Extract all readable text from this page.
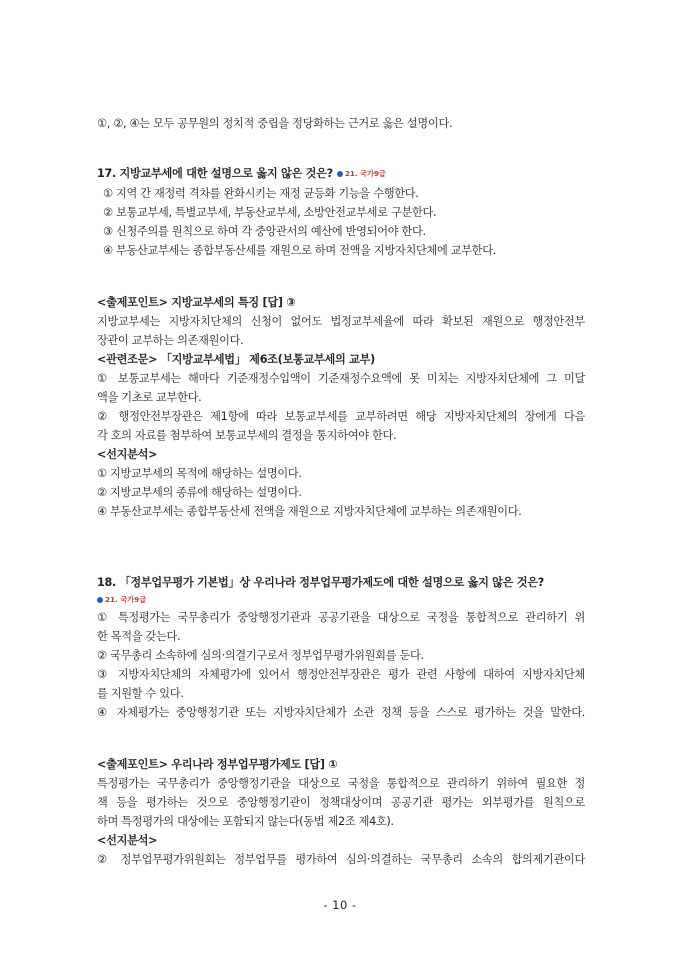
①, ②, ④는 모두 공무원의 정치적 중립을 정당화하는 근거로 옳은 설명이다.
17. 지방교부세에 대한 설명으로 옳지 않은 것은? 21. 국가9급
① 지역 간 재정력 격차를 완화시키는 재정 균등화 기능을 수행한다.
② 보통교부세, 특별교부세, 부동산교부세, 소방안전교부세로 구분한다.
③ 신청주의를 원칙으로 하며 각 중앙관서의 예산에 반영되어야 한다.
④ 부동산교부세는 종합부동산세를 재원으로 하며 전액을 지방자치단체에 교부한다.
<출제포인트> 지방교부세의 특징 [답] ③
지방교부세는 지방자치단체의 신청이 없어도 법정교부세율에 따라 확보된 재원으로 행정안전부
장관이 교부하는 의존재원이다.
<관련조문> 「지방교부세법」 제6조(보통교부세의 교부)
① 보통교부세는 해마다 기준재정수입액이 기준재정수요액에 못 미치는 지방자치단체에 그 미달
액을 기초로 교부한다.
② 행정안전부장관은 제1항에 따라 보통교부세를 교부하려면 해당 지방자치단체의 장에게 다음
각 호의 자료를 첨부하여 보통교부세의 결정을 통지하여야 한다.
<선지분석>
① 지방교부세의 목적에 해당하는 설명이다.
② 지방교부세의 종류에 해당하는 설명이다.
④ 부동산교부세는 종합부동산세 전액을 재원으로 지방자치단체에 교부하는 의존재원이다.
18. 「정부업무평가 기본법」상 우리나라 정부업무평가제도에 대한 설명으로 옳지 않은 것은?
21. 국가9급
① 특정평가는 국무총리가 중앙행정기관과 공공기관을 대상으로 국정을 통합적으로 관리하기 위
한 목적을 갖는다.
② 국무총리 소속하에 심의·의결기구로서 정부업무평가위원회를 둔다.
③ 지방자치단체의 자체평가에 있어서 행정안전부장관은 평가 관련 사항에 대하여 지방자치단체
를 지원할 수 있다.
④ 자체평가는 중앙행정기관 또는 지방자치단체가 소관 정책 등을 스스로 평가하는 것을 말한다.
<출제포인트> 우리나라 정부업무평가제도 [답] ①
특정평가는 국무총리가 중앙행정기관을 대상으로 국정을 통합적으로 관리하기 위하여 필요한 정
책 등을 평가하는 것으로 중앙행정기관이 정책대상이며 공공기관 평가는 외부평가를 원칙으로
하며 특정평가의 대상에는 포함되지 않는다(동법 제2조 제4호).
<선지분석>
② 정부업무평가위원회는 정부업무를 평가하여 심의·의결하는 국무총리 소속의 합의제기관이다
- 10 -
